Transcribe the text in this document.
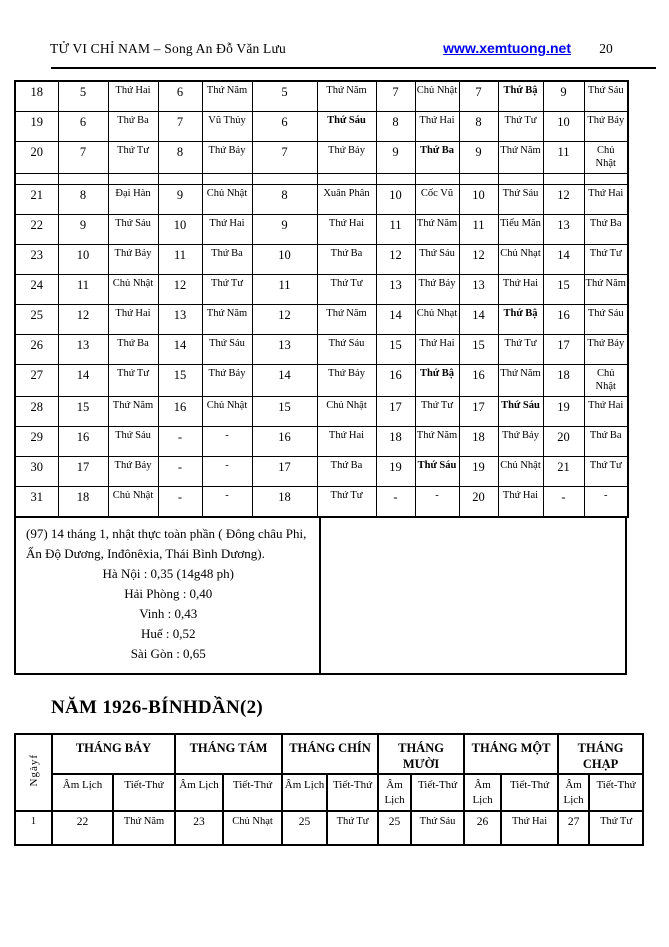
TỬ VI CHỈ NAM – Song An Đỗ Văn Lưu	www.xemtuong.net	20
18	5	Thứ Hai	6	Thứ Năm	5	Thứ Năm	7	Chủ Nhật	7	Thứ Bậ	9	Thứ Sáu
19	6	Thứ Ba	7	Vũ Thủy	6	Thứ Sáu	8	Thứ Hai	8	Thứ Tư	10	Thứ Bảy
20	7	Thứ Tư	8	Thứ Bảy	7	Thứ Bảy	9	Thứ Ba	9	Thứ Năm	11	Chủ Nhật

21	8	Đại Hàn	9	Chủ Nhật	8	Xuân Phân	10	Cốc Vũ	10	Thứ Sáu	12	Thứ Hai
22	9	Thứ Sáu	10	Thứ Hai	9	Thứ Hai	11	Thứ Năm	11	Tiểu Mãn	13	Thứ Ba
23	10	Thứ Bảy	11	Thứ Ba	10	Thứ Ba	12	Thứ Sáu	12	Chủ Nhạt	14	Thứ Tư
24	11	Chủ Nhật	12	Thứ Tư	11	Thứ Tư	13	Thứ Bảy	13	Thứ Hai	15	Thứ Năm
25	12	Thứ Hai	13	Thứ Năm	12	Thứ Năm	14	Chủ Nhạt	14	Thứ Bậ	16	Thứ Sáu
26	13	Thứ Ba	14	Thứ Sáu	13	Thứ Sáu	15	Thứ Hai	15	Thứ Tư	17	Thứ Bảy
27	14	Thứ Tư	15	Thứ Bảy	14	Thứ Bảy	16	Thứ Bậ	16	Thứ Năm	18	Chủ Nhật
28	15	Thứ Năm	16	Chủ Nhật	15	Chủ Nhật	17	Thứ Tư	17	Thứ Sáu	19	Thứ Hai
29	16	Thứ Sáu	-	-	16	Thứ Hai	18	Thứ Năm	18	Thứ Bảy	20	Thứ Ba
30	17	Thứ Bảy	-	-	17	Thứ Ba	19	Thứ Sáu	19	Chủ Nhật	21	Thứ Tư
31	18	Chủ Nhật	-	-	18	Thứ Tư	-	-	20	Thứ Hai	-	-

(97) 14 tháng 1, nhật thực toàn phần ( Đông châu Phi, Ấn Độ Dương, Inđônêxia, Thái Bình Dương).

Hà Nội : 0,35 (14g48 ph)
Hải Phòng : 0,40
Vinh : 0,43
Huế : 0,52
Sài Gòn : 0,65
NĂM 1926-BÍNHDẦN(2)
Ngàyf	THÁNG BẢY		THÁNG TÁM		THÁNG CHÍN		THÁNG MƯỜI		THÁNG MỘT		THÁNG CHẠP	
	Âm Lịch	Tiết-Thứ	Âm Lịch	Tiết-Thứ	Âm Lịch	Tiết-Thứ	Âm Lịch	Tiết-Thứ	Âm Lịch	Tiết-Thứ	Âm Lịch	Tiết-Thứ
1	22	Thứ Năm	23	Chủ Nhạt	25	Thứ Tư	25	Thứ Sáu	26	Thứ Hai	27	Thứ Tư
